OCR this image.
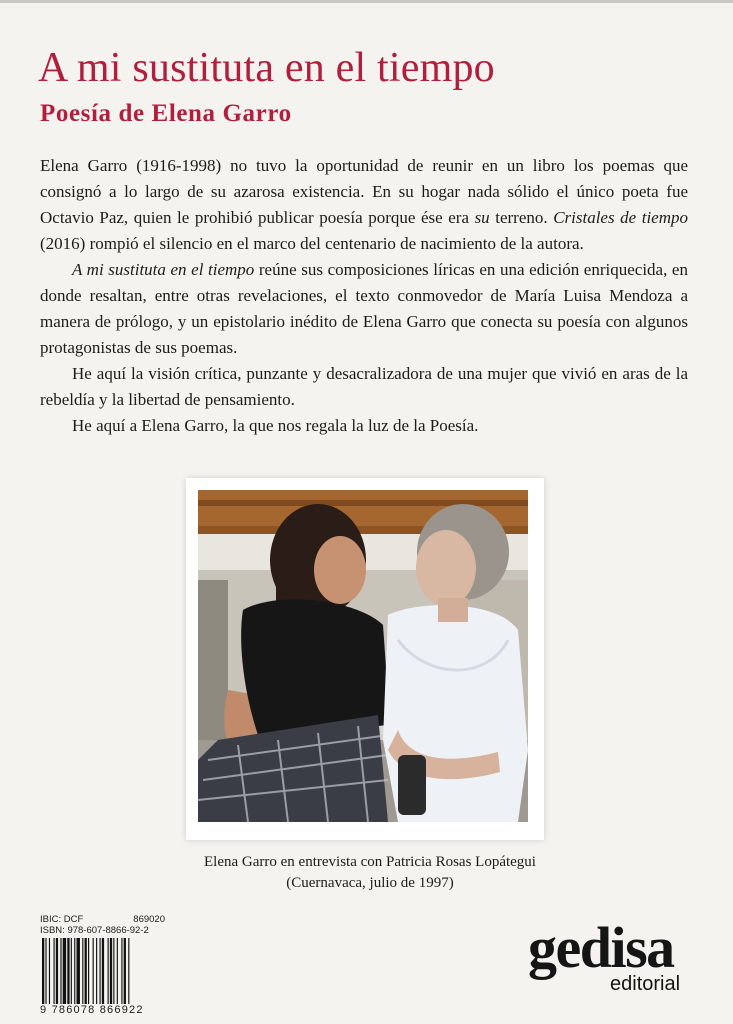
A mi sustituta en el tiempo
Poesía de Elena Garro

Elena Garro (1916-1998) no tuvo la oportunidad de reunir en un libro los poemas que consignó a lo largo de su azarosa existencia. En su hogar nada sólido el único poeta fue Octavio Paz, quien le prohibió publicar poesía porque ése era su terreno. Cristales de tiempo (2016) rompió el silencio en el marco del centenario de nacimiento de la autora.

A mi sustituta en el tiempo reúne sus composiciones líricas en una edición enriquecida, en donde resaltan, entre otras revelaciones, el texto conmovedor de María Luisa Mendoza a manera de prólogo, y un epistolario inédito de Elena Garro que conecta su poesía con algunos protagonistas de sus poemas.

He aquí la visión crítica, punzante y desacralizadora de una mujer que vivió en aras de la rebeldía y la libertad de pensamiento.

He aquí a Elena Garro, la que nos regala la luz de la Poesía.

Elena Garro en entrevista con Patricia Rosas Lopátegui
(Cuernavaca, julio de 1997)
IBIC: DCF	869020
ISBN: 978-607-8866-92-2
9 786078 866922
gedisa
editorial
